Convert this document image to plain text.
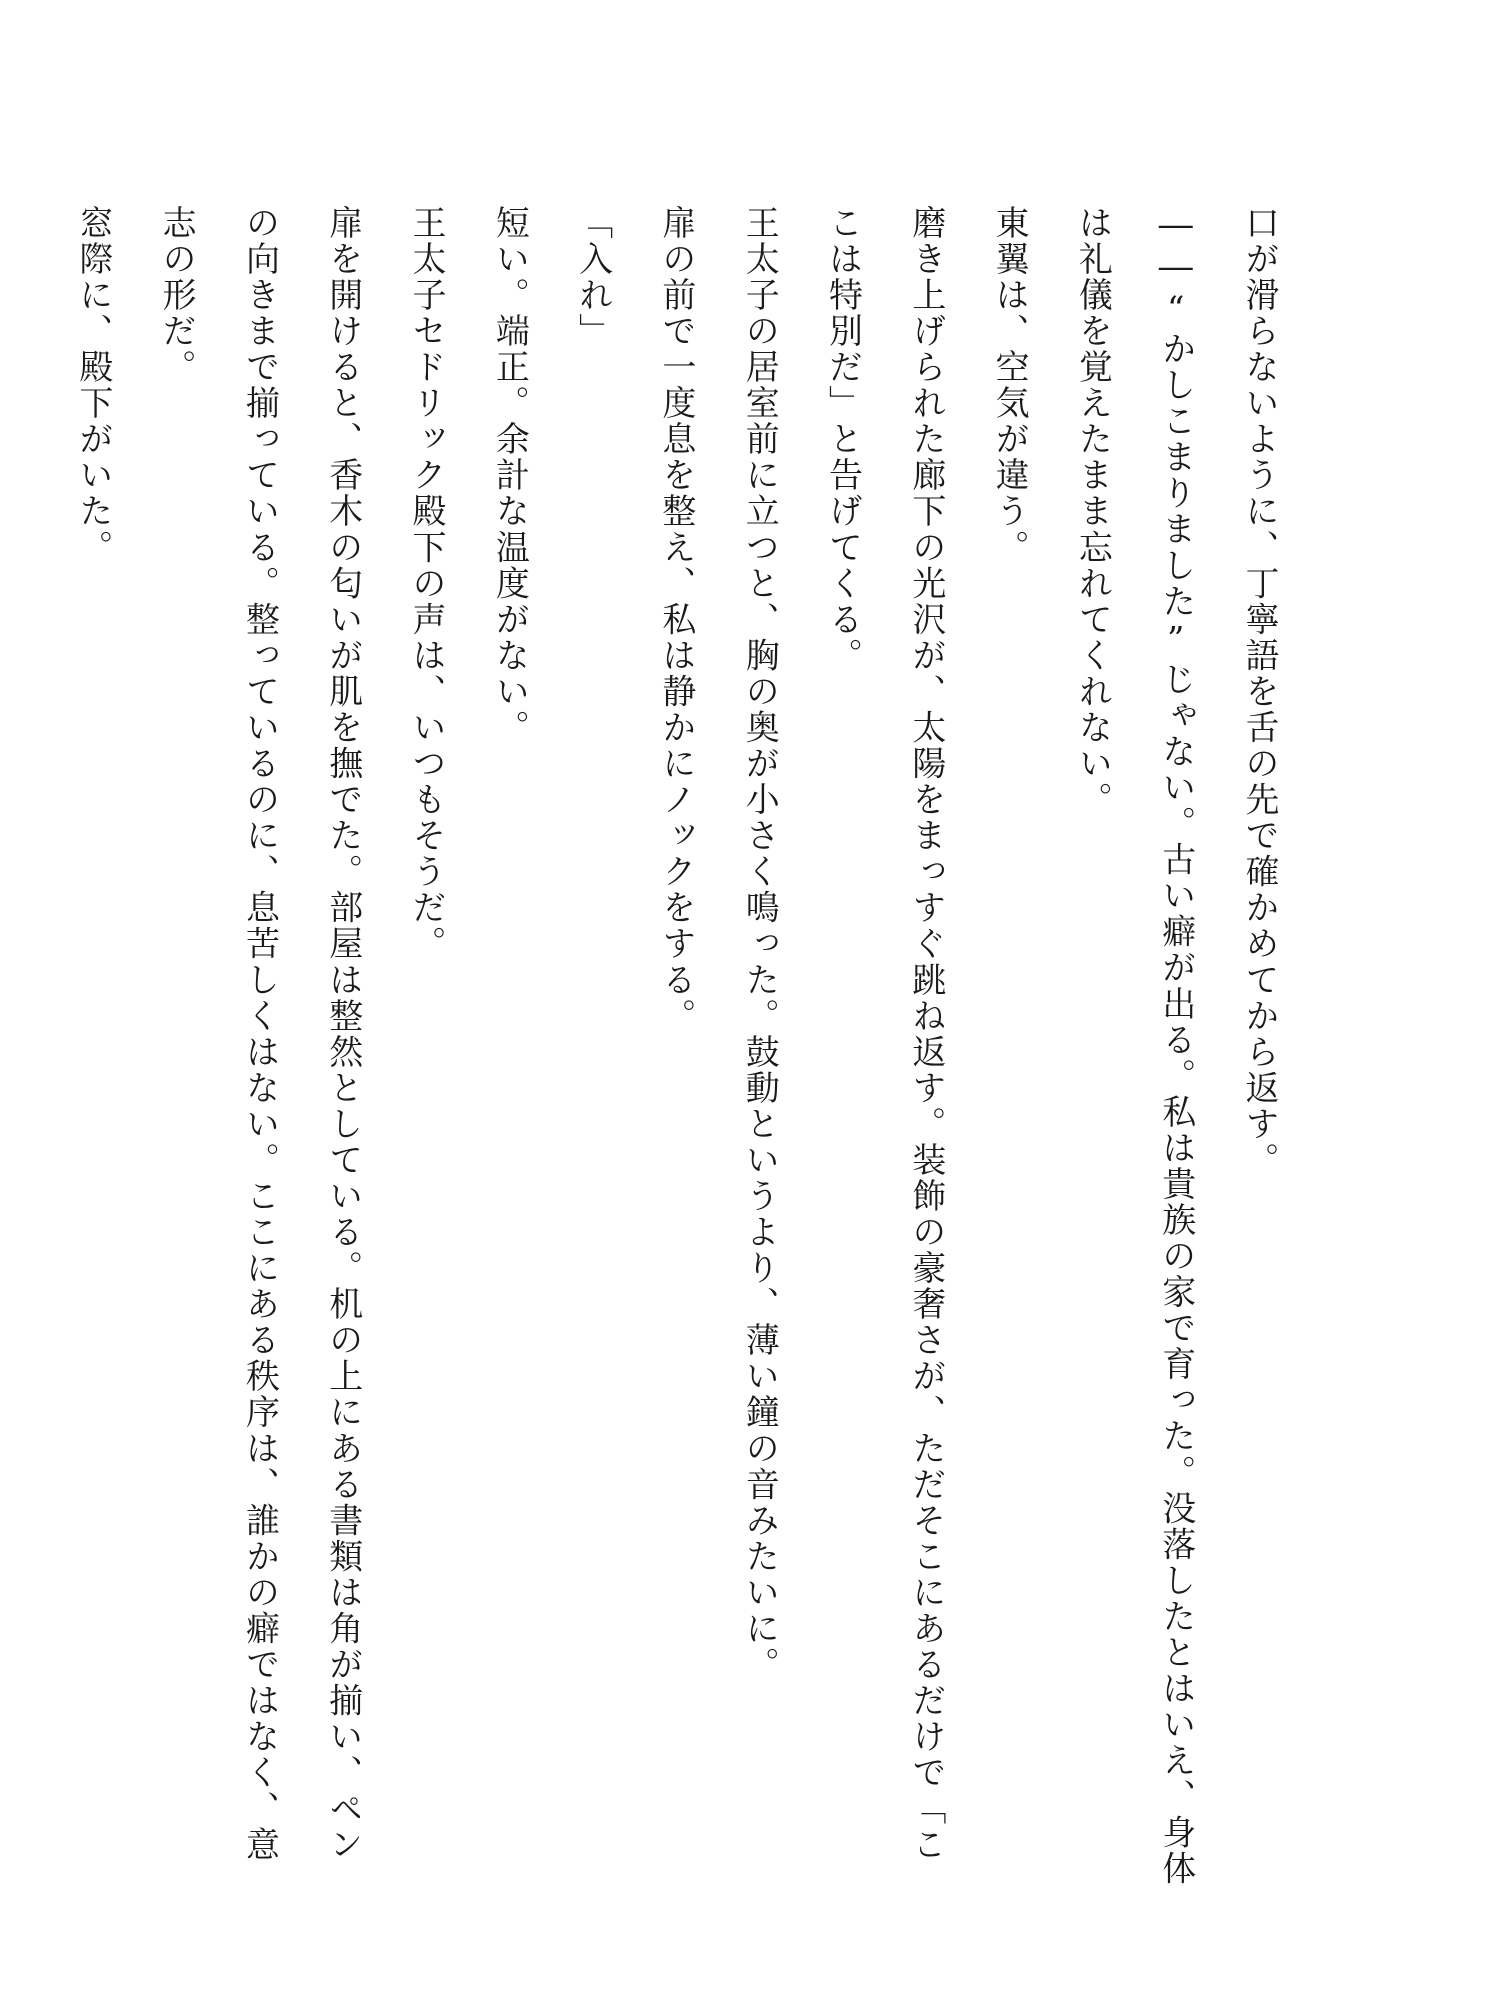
口が滑らないように、丁寧語を舌の先で確かめてから返す。
――“かしこまりました”じゃない。古い癖が出る。私は貴族の家で育った。没落したとはいえ、身体
は礼儀を覚えたまま忘れてくれない。
東翼は、空気が違う。
磨き上げられた廊下の光沢が、太陽をまっすぐ跳ね返す。装飾の豪奢さが、ただそこにあるだけで「こ
こは特別だ」と告げてくる。
王太子の居室前に立つと、胸の奥が小さく鳴った。鼓動というより、薄い鐘の音みたいに。
扉の前で一度息を整え、私は静かにノックをする。
「入れ」
短い。端正。余計な温度がない。
王太子セドリック殿下の声は、いつもそうだ。
扉を開けると、香木の匂いが肌を撫でた。部屋は整然としている。机の上にある書類は角が揃い、ペン
の向きまで揃っている。整っているのに、息苦しくはない。ここにある秩序は、誰かの癖ではなく、意
志の形だ。
窓際に、殿下がいた。
